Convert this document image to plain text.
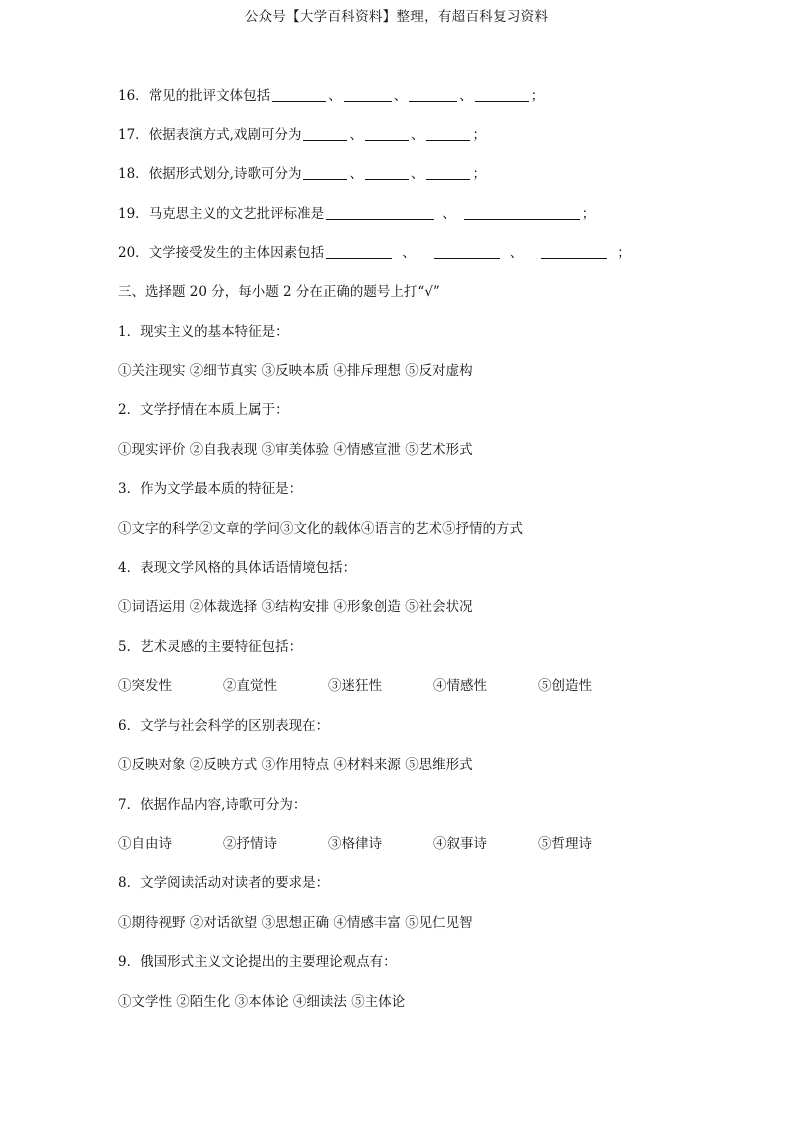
公众号【大学百科资料】整理，有超百科复习资料
16．常见的批评文体包括	、	、	、	；
17．依据表演方式,戏剧可分为	、	、	；
18．依据形式划分,诗歌可分为	、	、	；
19．马克思主义的文艺批评标准是	、	；
20．文学接受发生的主体因素包括	、	、	；
三、选择题 20 分，每小题 2 分在正确的题号上打“√”
1．现实主义的基本特征是：
①关注现实 ②细节真实 ③反映本质 ④排斥理想 ⑤反对虚构
2．文学抒情在本质上属于：
①现实评价 ②自我表现 ③审美体验 ④情感宣泄 ⑤艺术形式
3．作为文学最本质的特征是：
①文字的科学②文章的学问③文化的载体④语言的艺术⑤抒情的方式
4．表现文学风格的具体话语情境包括：
①词语运用 ②体裁选择 ③结构安排 ④形象创造 ⑤社会状况
5．艺术灵感的主要特征包括：
①突发性	②直觉性	③迷狂性	④情感性	⑤创造性
6．文学与社会科学的区别表现在：
①反映对象 ②反映方式 ③作用特点 ④材料来源 ⑤思维形式
7．依据作品内容,诗歌可分为：
①自由诗	②抒情诗	③格律诗	④叙事诗	⑤哲理诗
8．文学阅读活动对读者的要求是：
①期待视野 ②对话欲望 ③思想正确 ④情感丰富 ⑤见仁见智
9．俄国形式主义文论提出的主要理论观点有：
①文学性 ②陌生化 ③本体论 ④细读法 ⑤主体论
